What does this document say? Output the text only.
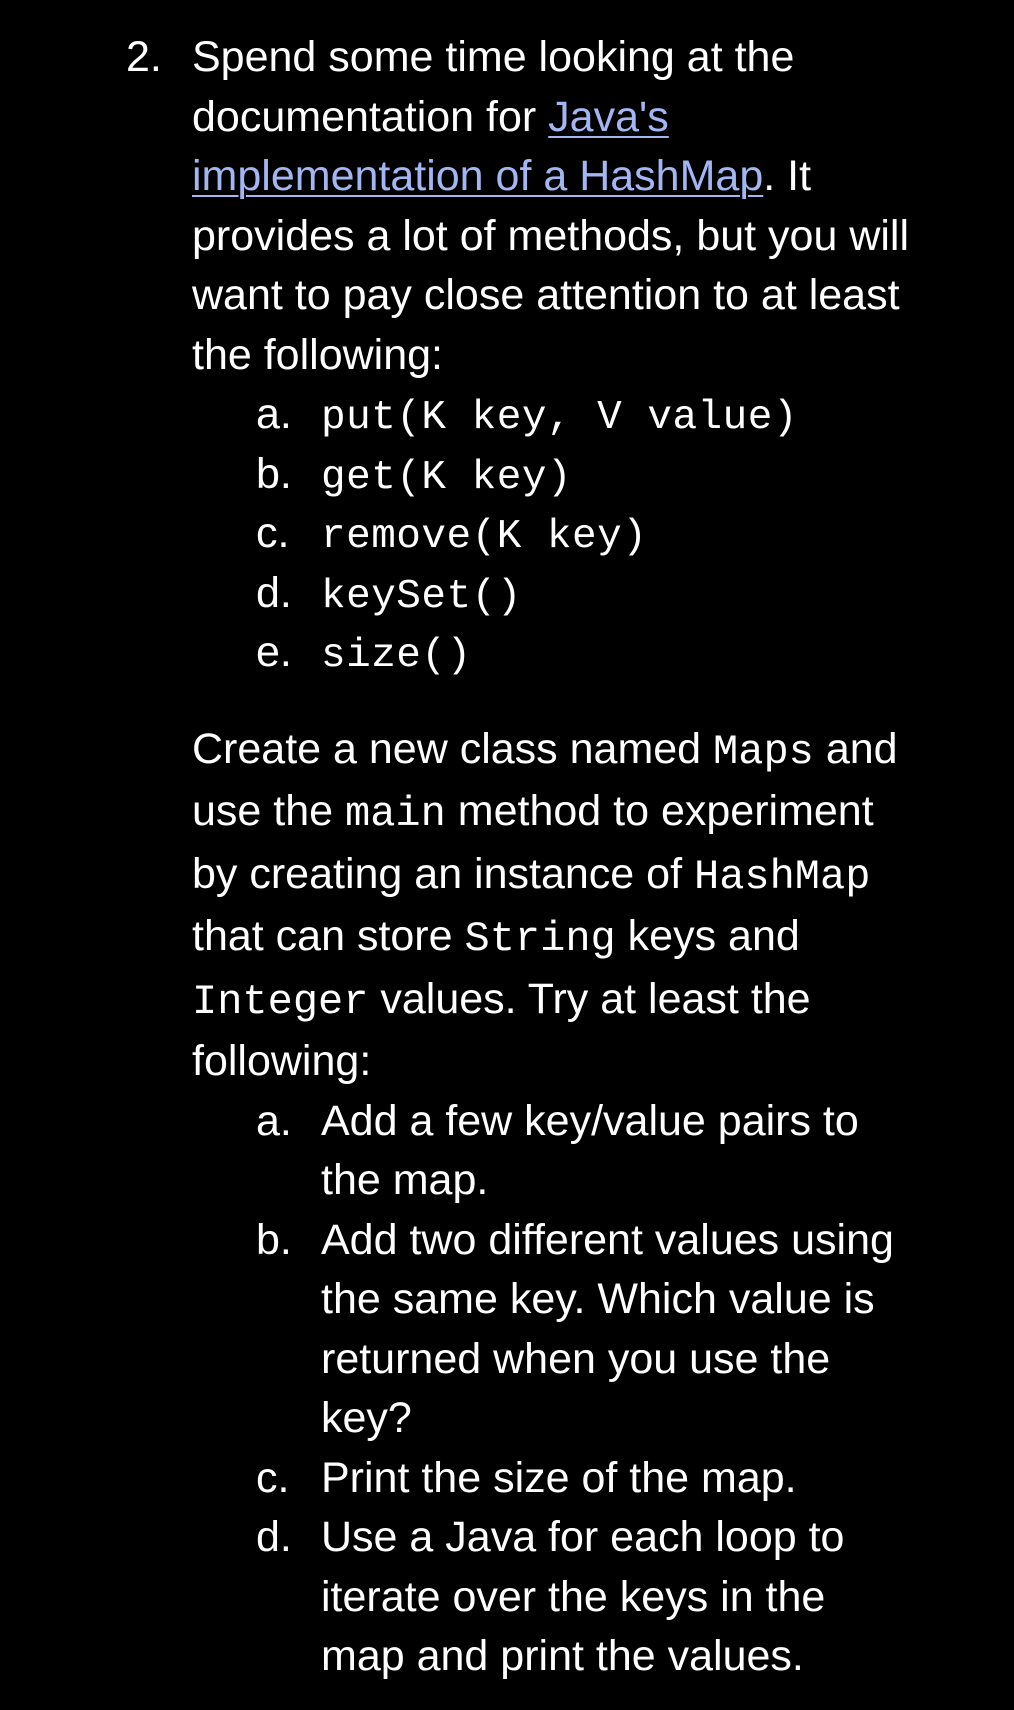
2. Spend some time looking at the documentation for Java's implementation of a HashMap. It provides a lot of methods, but you will want to pay close attention to at least the following:

a. put(K key, V value)
b. get(K key)
c. remove(K key)
d. keySet()
e. size()

Create a new class named Maps and use the main method to experiment by creating an instance of HashMap that can store String keys and Integer values. Try at least the following:

a. Add a few key/value pairs to the map.
b. Add two different values using the same key. Which value is returned when you use the key?
c. Print the size of the map.
d. Use a Java for each loop to iterate over the keys in the map and print the values.
